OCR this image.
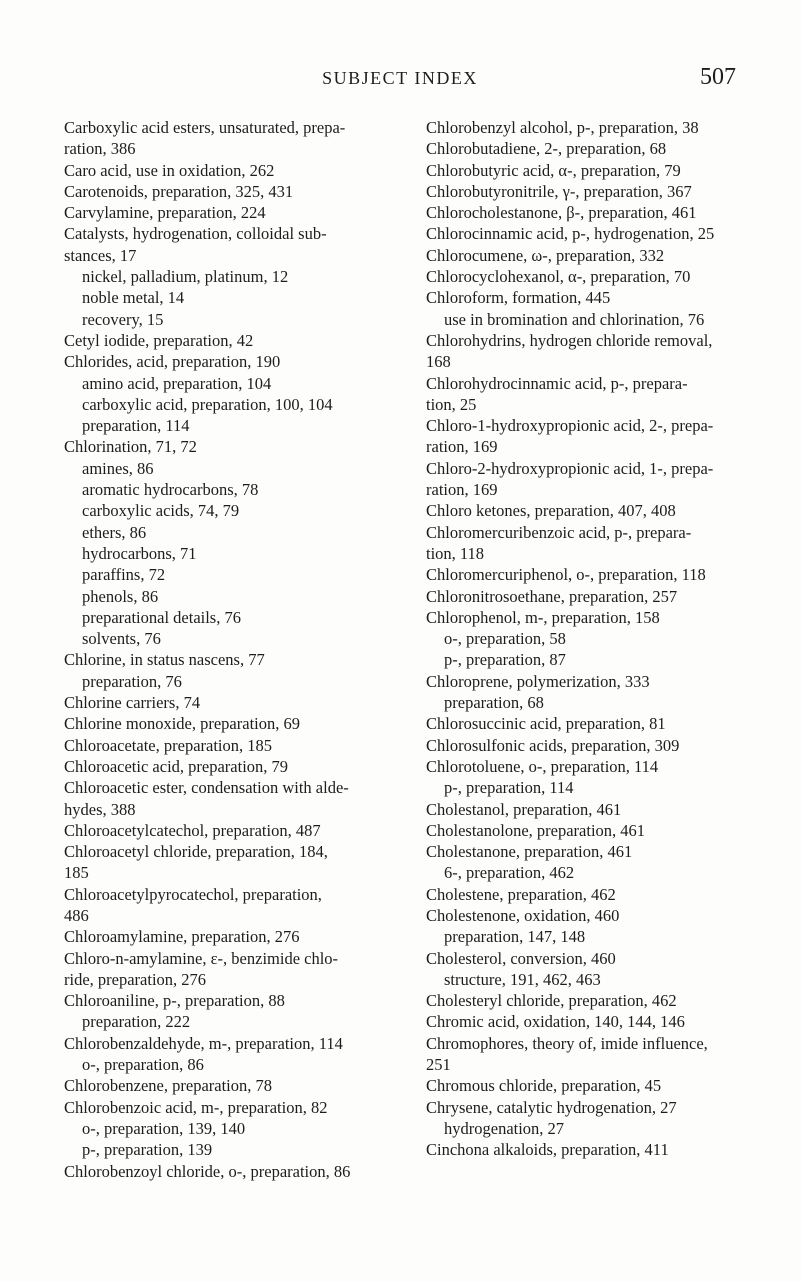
SUBJECT INDEX	507
Carboxylic acid esters, unsaturated, prepa-
ration, 386
Caro acid, use in oxidation, 262
Carotenoids, preparation, 325, 431
Carvylamine, preparation, 224
Catalysts, hydrogenation, colloidal sub-
stances, 17
nickel, palladium, platinum, 12
noble metal, 14
recovery, 15
Cetyl iodide, preparation, 42
Chlorides, acid, preparation, 190
amino acid, preparation, 104
carboxylic acid, preparation, 100, 104
preparation, 114
Chlorination, 71, 72
amines, 86
aromatic hydrocarbons, 78
carboxylic acids, 74, 79
ethers, 86
hydrocarbons, 71
paraffins, 72
phenols, 86
preparational details, 76
solvents, 76
Chlorine, in status nascens, 77
preparation, 76
Chlorine carriers, 74
Chlorine monoxide, preparation, 69
Chloroacetate, preparation, 185
Chloroacetic acid, preparation, 79
Chloroacetic ester, condensation with alde-
hydes, 388
Chloroacetylcatechol, preparation, 487
Chloroacetyl chloride, preparation, 184,
185
Chloroacetylpyrocatechol, preparation,
486
Chloroamylamine, preparation, 276
Chloro-n-amylamine, ε-, benzimide chlo-
ride, preparation, 276
Chloroaniline, p-, preparation, 88
preparation, 222
Chlorobenzaldehyde, m-, preparation, 114
o-, preparation, 86
Chlorobenzene, preparation, 78
Chlorobenzoic acid, m-, preparation, 82
o-, preparation, 139, 140
p-, preparation, 139
Chlorobenzoyl chloride, o-, preparation, 86
Chlorobenzyl alcohol, p-, preparation, 38
Chlorobutadiene, 2-, preparation, 68
Chlorobutyric acid, α-, preparation, 79
Chlorobutyronitrile, γ-, preparation, 367
Chlorocholestanone, β-, preparation, 461
Chlorocinnamic acid, p-, hydrogenation, 25
Chlorocumene, ω-, preparation, 332
Chlorocyclohexanol, α-, preparation, 70
Chloroform, formation, 445
use in bromination and chlorination, 76
Chlorohydrins, hydrogen chloride removal,
168
Chlorohydrocinnamic acid, p-, prepara-
tion, 25
Chloro-1-hydroxypropionic acid, 2-, prepa-
ration, 169
Chloro-2-hydroxypropionic acid, 1-, prepa-
ration, 169
Chloro ketones, preparation, 407, 408
Chloromercuribenzoic acid, p-, prepara-
tion, 118
Chloromercuriphenol, o-, preparation, 118
Chloronitrosoethane, preparation, 257
Chlorophenol, m-, preparation, 158
o-, preparation, 58
p-, preparation, 87
Chloroprene, polymerization, 333
preparation, 68
Chlorosuccinic acid, preparation, 81
Chlorosulfonic acids, preparation, 309
Chlorotoluene, o-, preparation, 114
p-, preparation, 114
Cholestanol, preparation, 461
Cholestanolone, preparation, 461
Cholestanone, preparation, 461
6-, preparation, 462
Cholestene, preparation, 462
Cholestenone, oxidation, 460
preparation, 147, 148
Cholesterol, conversion, 460
structure, 191, 462, 463
Cholesteryl chloride, preparation, 462
Chromic acid, oxidation, 140, 144, 146
Chromophores, theory of, imide influence,
251
Chromous chloride, preparation, 45
Chrysene, catalytic hydrogenation, 27
hydrogenation, 27
Cinchona alkaloids, preparation, 411
